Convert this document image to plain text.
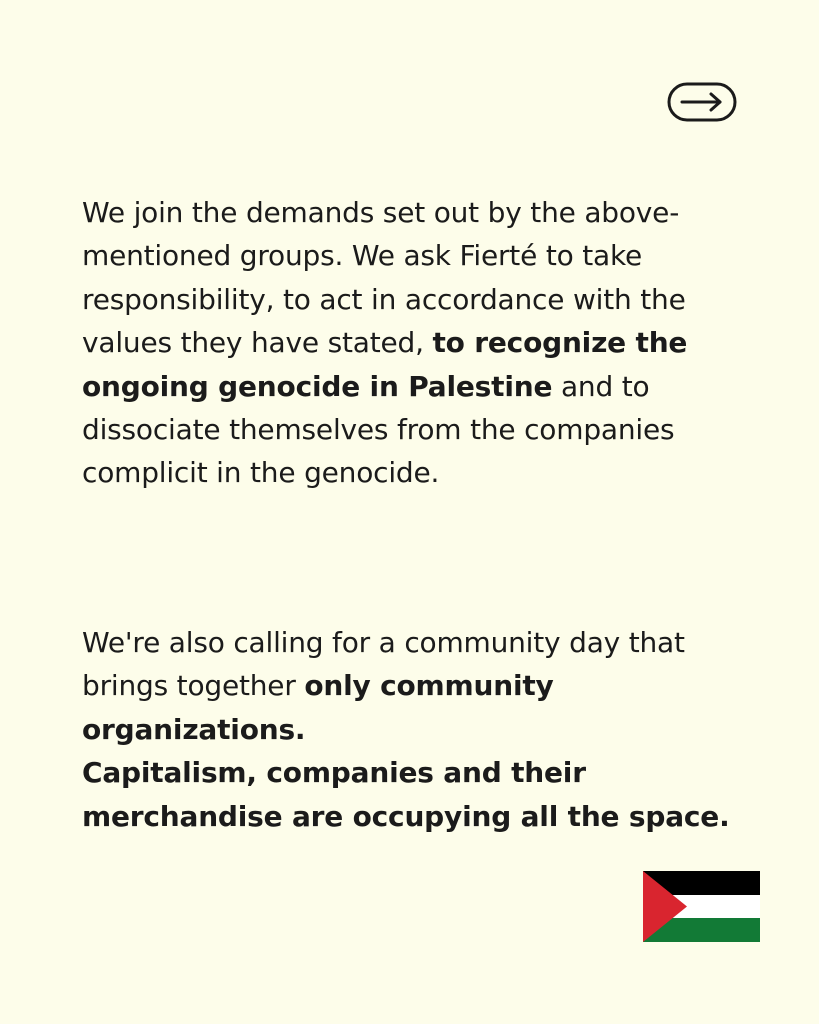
We join the demands set out by the above-mentioned groups. We ask Fierté to take responsibility, to act in accordance with the values they have stated, to recognize the ongoing genocide in Palestine and to dissociate themselves from the companies complicit in the genocide.

We're also calling for a community day that brings together only community organizations.
Capitalism, companies and their merchandise are occupying all the space.
